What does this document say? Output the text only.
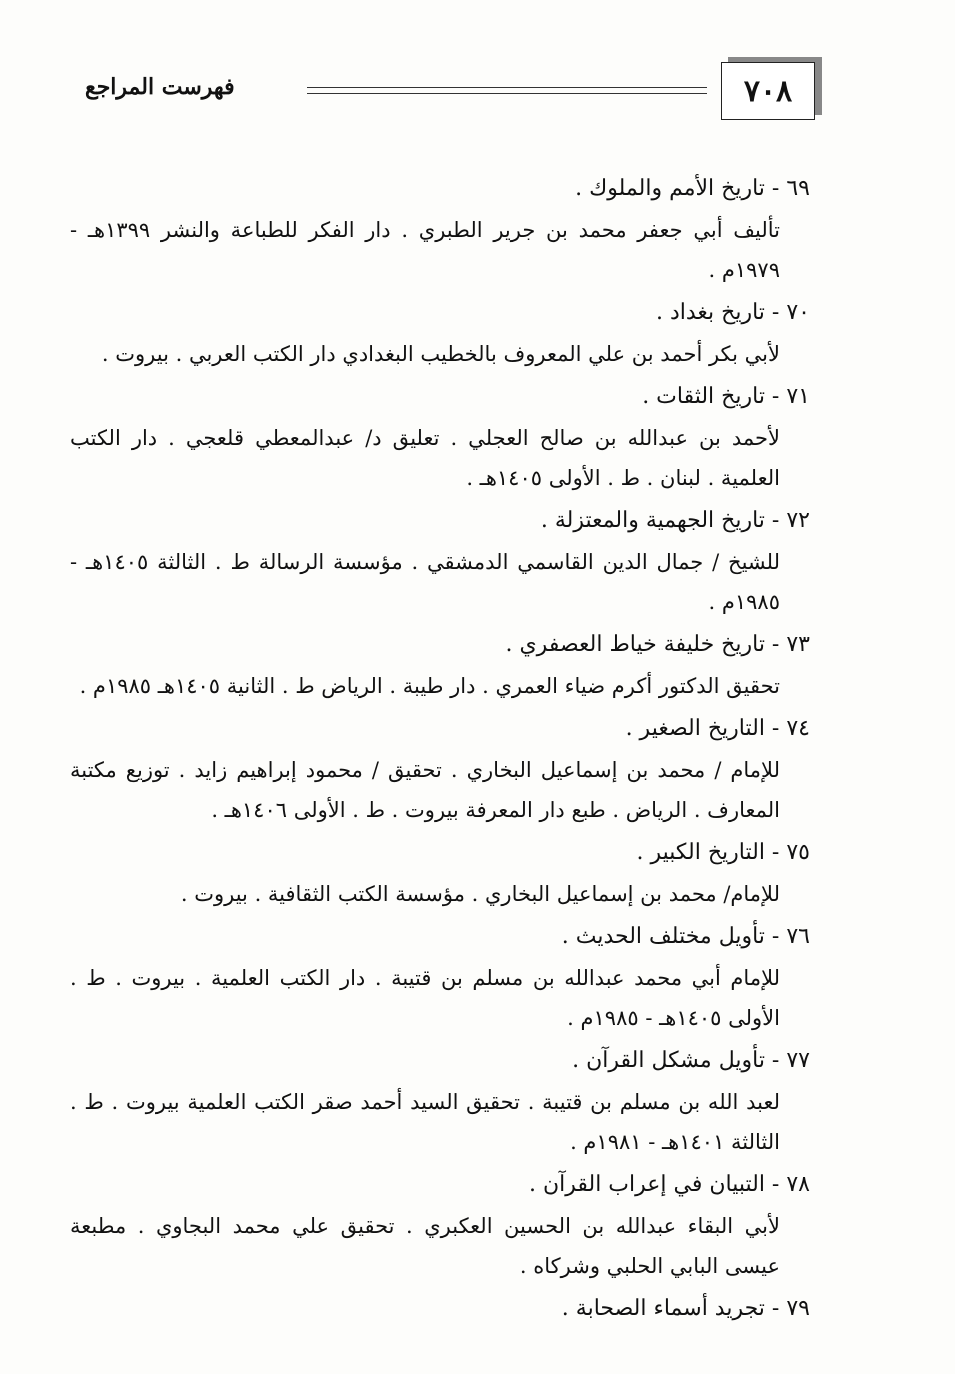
٧٠٨
فهرست المراجع
٦٩ - تاريخ الأمم والملوك .
تأليف أبي جعفر محمد بن جرير الطبري . دار الفكر للطباعة والنشر ١٣٩٩هـ - ١٩٧٩م .
٧٠ - تاريخ بغداد .
لأبي بكر أحمد بن علي المعروف بالخطيب البغدادي دار الكتب العربي . بيروت .
٧١ - تاريخ الثقات .
لأحمد بن عبدالله بن صالح العجلي . تعليق د/ عبدالمعطي قلعجي . دار الكتب العلمية . لبنان . ط . الأولى ١٤٠٥هـ .
٧٢ - تاريخ الجهمية والمعتزلة .
للشيخ / جمال الدين القاسمي الدمشقي . مؤسسة الرسالة ط . الثالثة ١٤٠٥هـ - ١٩٨٥م .
٧٣ - تاريخ خليفة خياط العصفري .
تحقيق الدكتور أكرم ضياء العمري . دار طيبة . الرياض ط . الثانية ١٤٠٥هـ ١٩٨٥م .
٧٤ - التاريخ الصغير .
للإمام / محمد بن إسماعيل البخاري . تحقيق / محمود إبراهيم زايد . توزيع مكتبة المعارف . الرياض . طبع دار المعرفة بيروت . ط . الأولى ١٤٠٦هـ .
٧٥ - التاريخ الكبير .
للإمام/ محمد بن إسماعيل البخاري . مؤسسة الكتب الثقافية . بيروت .
٧٦ - تأويل مختلف الحديث .
للإمام أبي محمد عبدالله بن مسلم بن قتيبة . دار الكتب العلمية . بيروت . ط . الأولى ١٤٠٥هـ - ١٩٨٥م .
٧٧ - تأويل مشكل القرآن .
لعبد الله بن مسلم بن قتيبة . تحقيق السيد أحمد صقر الكتب العلمية بيروت . ط . الثالثة ١٤٠١هـ - ١٩٨١م .
٧٨ - التبيان في إعراب القرآن .
لأبي البقاء عبدالله بن الحسين العكبري . تحقيق علي محمد البجاوي . مطبعة عيسى البابي الحلبي وشركاه .
٧٩ - تجريد أسماء الصحابة .
